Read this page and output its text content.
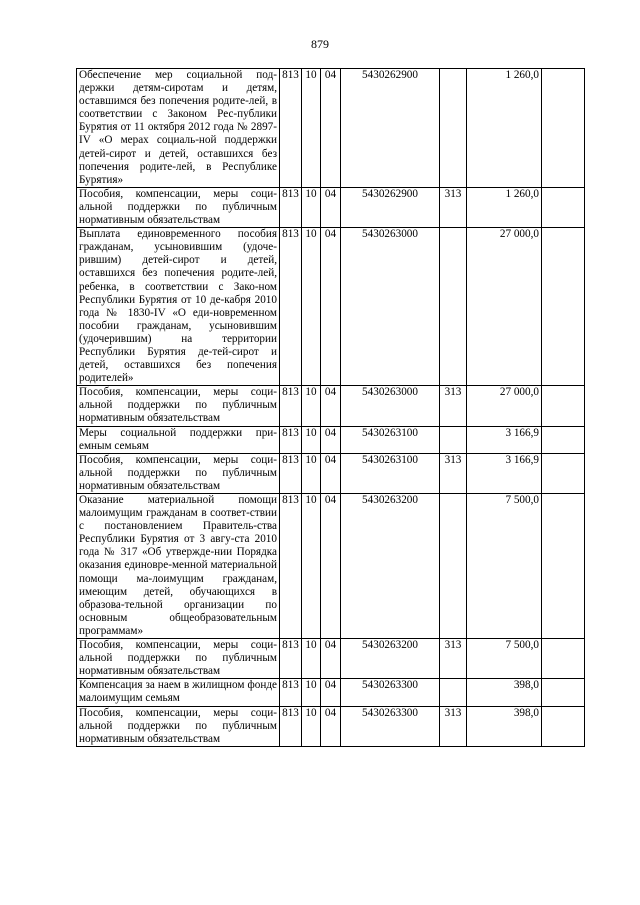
879
Обеспечение мер социальной под-держки детям-сиротам и детям, оставшимся без попечения родите-лей, в соответствии с Законом Рес-публики Бурятия от 11 октября 2012 года № 2897-IV «О мерах социаль-ной поддержки детей-сирот и детей, оставшихся без попечения родите-лей, в Республике Бурятия»	813	10	04	5430262900		1 260,0	
Пособия, компенсации, меры соци-альной поддержки по публичным нормативным обязательствам	813	10	04	5430262900	313	1 260,0	
Выплата единовременного пособия гражданам, усыновившим (удоче-рившим) детей-сирот и детей, оставшихся без попечения родите-лей, ребенка, в соответствии с Зако-ном Республики Бурятия от 10 де-кабря 2010 года № 1830-IV «О еди-новременном пособии гражданам, усыновившим (удочерившим) на территории Республики Бурятия де-тей-сирот и детей, оставшихся без попечения родителей»	813	10	04	5430263000		27 000,0	
Пособия, компенсации, меры соци-альной поддержки по публичным нормативным обязательствам	813	10	04	5430263000	313	27 000,0	
Меры социальной поддержки при-емным семьям	813	10	04	5430263100		3 166,9	
Пособия, компенсации, меры соци-альной поддержки по публичным нормативным обязательствам	813	10	04	5430263100	313	3 166,9	
Оказание материальной помощи малоимущим гражданам в соответ-ствии с постановлением Правитель-ства Республики Бурятия от 3 авгу-ста 2010 года № 317 «Об утвержде-нии Порядка оказания единовре-менной материальной помощи ма-лоимущим гражданам, имеющим детей, обучающихся в образова-тельной организации по основным общеобразовательным программам»	813	10	04	5430263200		7 500,0	
Пособия, компенсации, меры соци-альной поддержки по публичным нормативным обязательствам	813	10	04	5430263200	313	7 500,0	
Компенсация за наем в жилищном фонде малоимущим семьям	813	10	04	5430263300		398,0	
Пособия, компенсации, меры соци-альной поддержки по публичным нормативным обязательствам	813	10	04	5430263300	313	398,0	
